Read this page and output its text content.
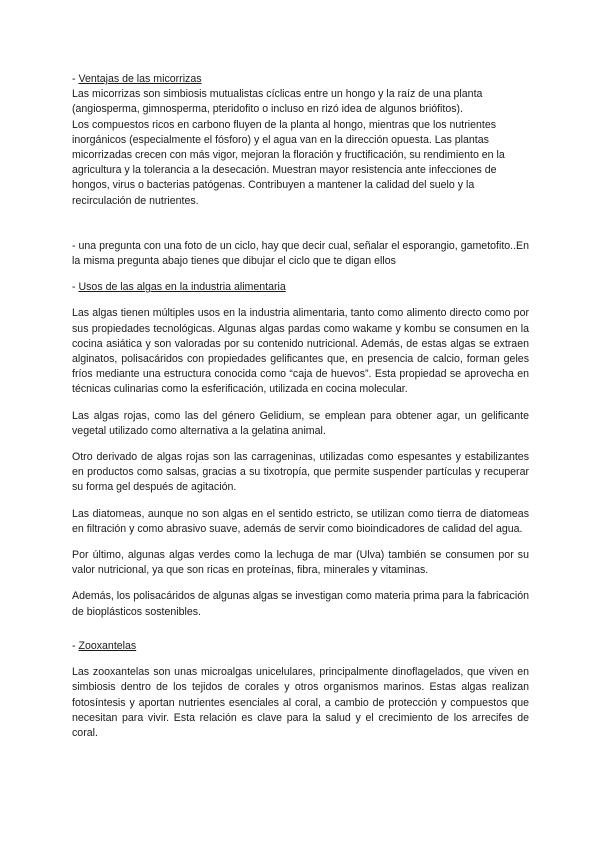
- Ventajas de las micorrizas

Las micorrizas son simbiosis mutualistas cíclicas entre un hongo y la raíz de una planta (angiosperma, gimnosperma, pteridofito o incluso en rizó idea de algunos briófitos).

Los compuestos ricos en carbono fluyen de la planta al hongo, mientras que los nutrientes inorgánicos (especialmente el fósforo) y el agua van en la dirección opuesta. Las plantas micorrizadas crecen con más vigor, mejoran la floración y fructificación, su rendimiento en la agricultura y la tolerancia a la desecación. Muestran mayor resistencia ante infecciones de hongos, virus o bacterias patógenas. Contribuyen a mantener la calidad del suelo y la recirculación de nutrientes.

- una pregunta con una foto de un ciclo, hay que decir cual, señalar el esporangio, gametofito..En la misma pregunta abajo tienes que dibujar el ciclo que te digan ellos

- Usos de las algas en la industria alimentaria

Las algas tienen múltiples usos en la industria alimentaria, tanto como alimento directo como por sus propiedades tecnológicas. Algunas algas pardas como wakame y kombu se consumen en la cocina asiática y son valoradas por su contenido nutricional. Además, de estas algas se extraen alginatos, polisacáridos con propiedades gelificantes que, en presencia de calcio, forman geles fríos mediante una estructura conocida como “caja de huevos”. Esta propiedad se aprovecha en técnicas culinarias como la esferificación, utilizada en cocina molecular.

Las algas rojas, como las del género Gelidium, se emplean para obtener agar, un gelificante vegetal utilizado como alternativa a la gelatina animal.

Otro derivado de algas rojas son las carrageninas, utilizadas como espesantes y estabilizantes en productos como salsas, gracias a su tixotropía, que permite suspender partículas y recuperar su forma gel después de agitación.

Las diatomeas, aunque no son algas en el sentido estricto, se utilizan como tierra de diatomeas en filtración y como abrasivo suave, además de servir como bioindicadores de calidad del agua.

Por último, algunas algas verdes como la lechuga de mar (Ulva) también se consumen por su valor nutricional, ya que son ricas en proteínas, fibra, minerales y vitaminas.

Además, los polisacáridos de algunas algas se investigan como materia prima para la fabricación de bioplásticos sostenibles.

- Zooxantelas

Las zooxantelas son unas microalgas unicelulares, principalmente dinoflagelados, que viven en simbiosis dentro de los tejidos de corales y otros organismos marinos. Estas algas realizan fotosíntesis y aportan nutrientes esenciales al coral, a cambio de protección y compuestos que necesitan para vivir. Esta relación es clave para la salud y el crecimiento de los arrecifes de coral.
